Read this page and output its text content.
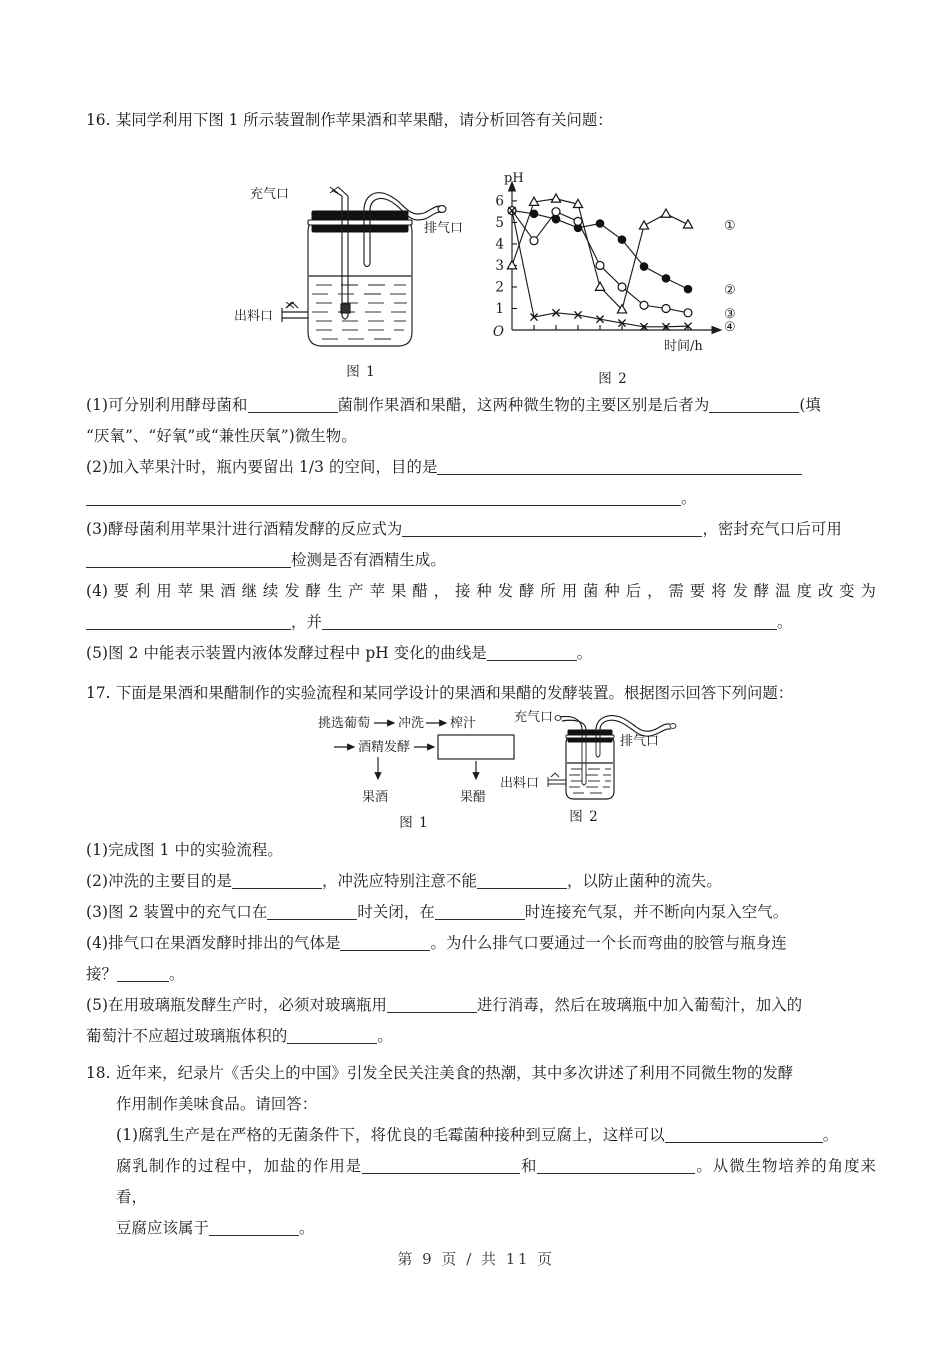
16. 某同学利用下图 1 所示装置制作苹果酒和苹果醋，请分析回答有关问题：
充气口
排气口
出料口
图 1
O
1
2
3
4
5
6
pH
时间/h
①
②
③
④
图 2
(1)可分别利用酵母菌和	菌制作果酒和果醋，这两种微生物的主要区别是后者为	(填
“厌氧”、“好氧”或“兼性厌氧”)微生物。
(2)加入苹果汁时，瓶内要留出 1/3 的空间，目的是
。
(3)酵母菌利用苹果汁进行酒精发酵的反应式为	，密封充气口后可用
检测是否有酒精生成。
(4) 要 利 用 苹 果 酒 继 续 发 酵 生 产 苹 果 醋 ， 接 种 发 酵 所 用 菌 种 后 ， 需 要 将 发 酵 温 度 改 变 为
，并	。
(5)图 2 中能表示装置内液体发酵过程中 pH 变化的曲线是	。
17. 下面是果酒和果醋制作的实验流程和某同学设计的果酒和果醋的发酵装置。根据图示回答下列问题：
挑选葡萄 冲洗 榨汁
酒精发酵
果酒	果醋
图 1
充气口
排气口
出料口
图 2
(1)完成图 1 中的实验流程。
(2)冲洗的主要目的是	，冲洗应特别注意不能	，以防止菌种的流失。
(3)图 2 装置中的充气口在	时关闭，在	时连接充气泵，并不断向内泵入空气。
(4)排气口在果酒发酵时排出的气体是	。为什么排气口要通过一个长而弯曲的胶管与瓶身连
接？	。
(5)在用玻璃瓶发酵生产时，必须对玻璃瓶用	进行消毒，然后在玻璃瓶中加入葡萄汁，加入的
葡萄汁不应超过玻璃瓶体积的	。
18. 近年来，纪录片《舌尖上的中国》引发全民关注美食的热潮，其中多次讲述了利用不同微生物的发酵
作用制作美味食品。请回答：
(1)腐乳生产是在严格的无菌条件下，将优良的毛霉菌种接种到豆腐上，这样可以	。
腐乳制作的过程中，加盐的作用是	和	。从微生物培养的角度来看，
豆腐应该属于	。
第 9 页 / 共 11 页
